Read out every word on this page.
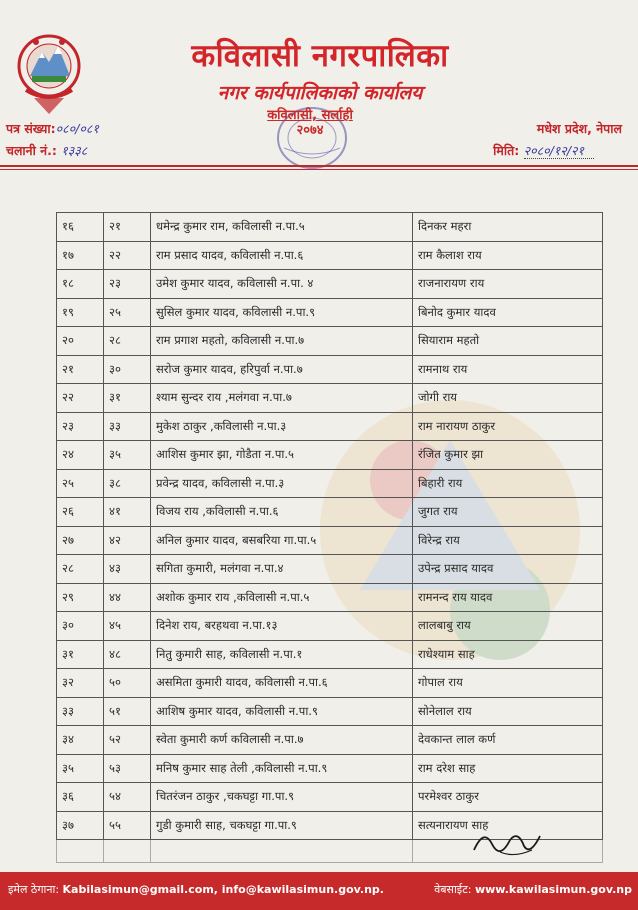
कविलासी नगरपालिका
नगर कार्यपालिकाको कार्यालय
कविलासी, सर्लाही
२०७४
पत्र संख्या:०८०/०८१
चलानी नं.: १३३८
मधेश प्रदेश, नेपाल
मिति: २०८०/१२/२१
१६	२१	धमेन्द्र कुमार राम, कविलासी न.पा.५	दिनकर महरा
१७	२२	राम प्रसाद यादव, कविलासी न.पा.६	राम कैलाश राय
१८	२३	उमेश कुमार यादव, कविलासी न.पा. ४	राजनारायण राय
१९	२५	सुसिल कुमार यादव, कविलासी न.पा.९	बिनोद कुमार यादव
२०	२८	राम प्रगाश महतो, कविलासी न.पा.७	सियाराम महतो
२१	३०	सरोज कुमार यादव, हरिपुर्वा न.पा.७	रामनाथ राय
२२	३१	श्याम सुन्दर राय ,मलंगवा न.पा.७	जोगी राय
२३	३३	मुकेश ठाकुर ,कविलासी न.पा.३	राम नारायण ठाकुर
२४	३५	आशिस कुमार झा, गोडैता न.पा.५	रंजित कुमार झा
२५	३८	प्रवेन्द्र यादव, कविलासी न.पा.३	बिहारी राय
२६	४१	विजय राय ,कविलासी न.पा.६	जुगत राय
२७	४२	अनिल कुमार यादव, बसबरिया गा.पा.५	विरेन्द्र राय
२८	४३	सगिता कुमारी, मलंगवा न.पा.४	उपेन्द्र प्रसाद यादव
२९	४४	अशोक कुमार राय ,कविलासी न.पा.५	रामनन्द राय यादव
३०	४५	दिनेश राय, बरहथवा न.पा.१३	लालबाबु राय
३१	४८	नितु कुमारी साह, कविलासी न.पा.१	राधेश्याम साह
३२	५०	असमिता कुमारी यादव, कविलासी न.पा.६	गोपाल राय
३३	५१	आशिष कुमार यादव, कविलासी न.पा.९	सोनेलाल राय
३४	५२	स्वेता कुमारी कर्ण कविलासी न.पा.७	देवकान्त लाल कर्ण
३५	५३	मनिष कुमार साह तेली ,कविलासी न.पा.९	राम दरेश साह
३६	५४	चितरंजन ठाकुर ,चकघट्टा गा.पा.९	परमेश्वर ठाकुर
३७	५५	गुडी कुमारी साह, चकघट्टा गा.पा.९	सत्यनारायण साह

इमेल ठेगाना: Kabilasimun@gmail.com, info@kawilasimun.gov.np.	वेबसाईट: www.kawilasimun.gov.np
